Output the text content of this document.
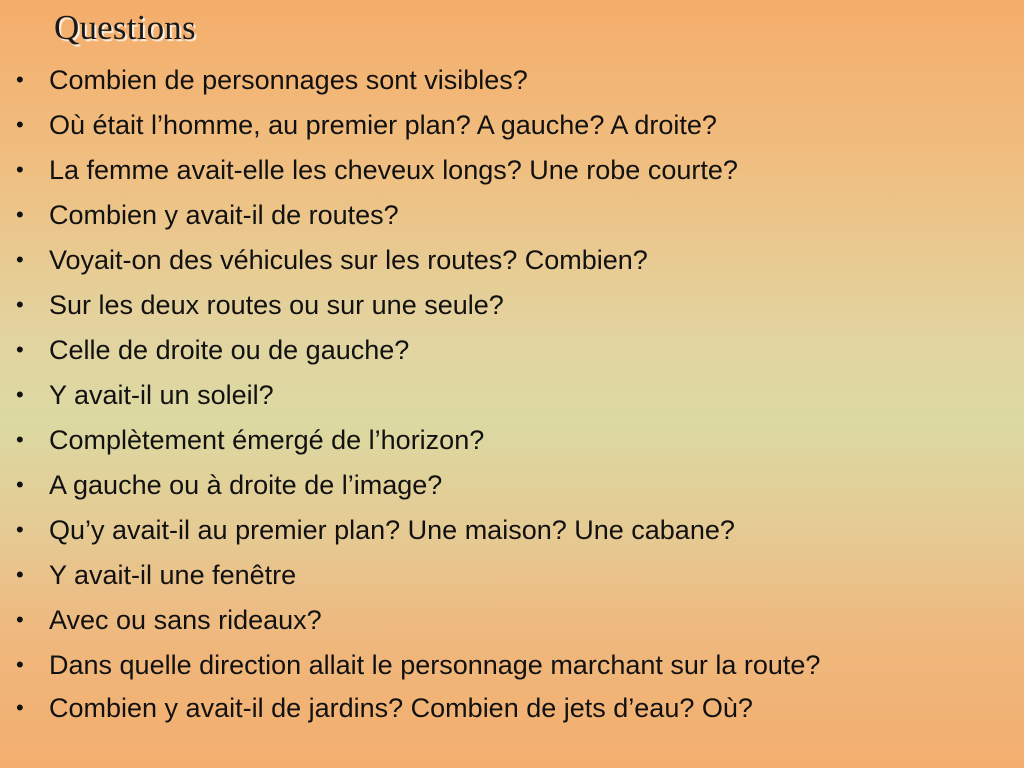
Questions
• Combien de personnages sont visibles?
• Où était l’homme, au premier plan? A gauche? A droite?
• La femme avait-elle les cheveux longs? Une robe courte?
• Combien y avait-il de routes?
• Voyait-on des véhicules sur les routes? Combien?
• Sur les deux routes ou sur une seule?
• Celle de droite ou de gauche?
• Y avait-il un soleil?
• Complètement émergé de l’horizon?
• A gauche ou à droite de l’image?
• Qu’y avait-il au premier plan? Une maison? Une cabane?
• Y avait-il une fenêtre
• Avec ou sans rideaux?
• Dans quelle direction allait le personnage marchant sur la route?
• Combien y avait-il de jardins? Combien de jets d’eau? Où?
